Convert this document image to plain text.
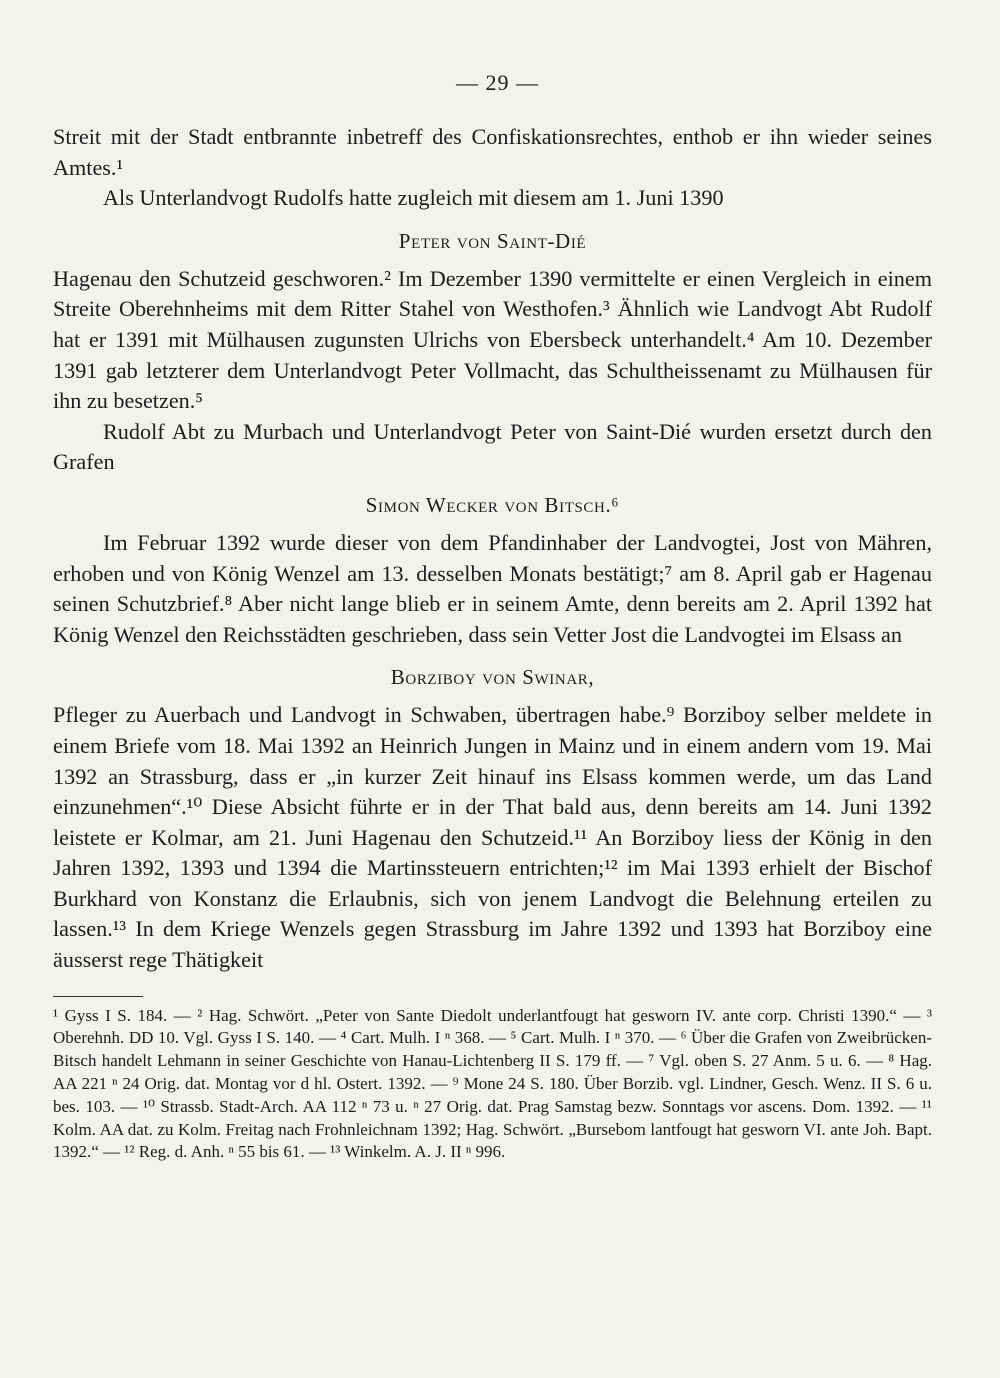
— 29 —

Streit mit der Stadt entbrannte inbetreff des Confiskationsrechtes, enthob er ihn wieder seines Amtes.¹

Als Unterlandvogt Rudolfs hatte zugleich mit diesem am 1. Juni 1390

Peter von Saint-Dié

Hagenau den Schutzeid geschworen.² Im Dezember 1390 vermittelte er einen Vergleich in einem Streite Oberehnheims mit dem Ritter Stahel von Westhofen.³ Ähnlich wie Landvogt Abt Rudolf hat er 1391 mit Mülhausen zugunsten Ulrichs von Ebersbeck unterhandelt.⁴ Am 10. Dezember 1391 gab letzterer dem Unterlandvogt Peter Vollmacht, das Schultheissenamt zu Mülhausen für ihn zu besetzen.⁵

Rudolf Abt zu Murbach und Unterlandvogt Peter von Saint-Dié wurden ersetzt durch den Grafen

Simon Wecker von Bitsch.⁶

Im Februar 1392 wurde dieser von dem Pfandinhaber der Landvogtei, Jost von Mähren, erhoben und von König Wenzel am 13. desselben Monats bestätigt;⁷ am 8. April gab er Hagenau seinen Schutzbrief.⁸ Aber nicht lange blieb er in seinem Amte, denn bereits am 2. April 1392 hat König Wenzel den Reichsstädten geschrieben, dass sein Vetter Jost die Landvogtei im Elsass an

Borziboy von Swinar,

Pfleger zu Auerbach und Landvogt in Schwaben, übertragen habe.⁹ Borziboy selber meldete in einem Briefe vom 18. Mai 1392 an Heinrich Jungen in Mainz und in einem andern vom 19. Mai 1392 an Strassburg, dass er „in kurzer Zeit hinauf ins Elsass kommen werde, um das Land einzunehmen“.¹⁰ Diese Absicht führte er in der That bald aus, denn bereits am 14. Juni 1392 leistete er Kolmar, am 21. Juni Hagenau den Schutzeid.¹¹ An Borziboy liess der König in den Jahren 1392, 1393 und 1394 die Martinssteuern entrichten;¹² im Mai 1393 erhielt der Bischof Burkhard von Konstanz die Erlaubnis, sich von jenem Landvogt die Belehnung erteilen zu lassen.¹³ In dem Kriege Wenzels gegen Strassburg im Jahre 1392 und 1393 hat Borziboy eine äusserst rege Thätigkeit

¹ Gyss I S. 184. — ² Hag. Schwört. „Peter von Sante Diedolt underlantfougt hat gesworn IV. ante corp. Christi 1390.“ — ³ Oberehnh. DD 10. Vgl. Gyss I S. 140. — ⁴ Cart. Mulh. I ⁿ 368. — ⁵ Cart. Mulh. I ⁿ 370. — ⁶ Über die Grafen von Zweibrücken-Bitsch handelt Lehmann in seiner Geschichte von Hanau-Lichtenberg II S. 179 ff. — ⁷ Vgl. oben S. 27 Anm. 5 u. 6. — ⁸ Hag. AA 221 ⁿ 24 Orig. dat. Montag vor d hl. Ostert. 1392. — ⁹ Mone 24 S. 180. Über Borzib. vgl. Lindner, Gesch. Wenz. II S. 6 u. bes. 103. — ¹⁰ Strassb. Stadt-Arch. AA 112 ⁿ 73 u. ⁿ 27 Orig. dat. Prag Samstag bezw. Sonntags vor ascens. Dom. 1392. — ¹¹ Kolm. AA dat. zu Kolm. Freitag nach Frohnleichnam 1392; Hag. Schwört. „Bursebom lantfougt hat gesworn VI. ante Joh. Bapt. 1392.“ — ¹² Reg. d. Anh. ⁿ 55 bis 61. — ¹³ Winkelm. A. J. II ⁿ 996.
